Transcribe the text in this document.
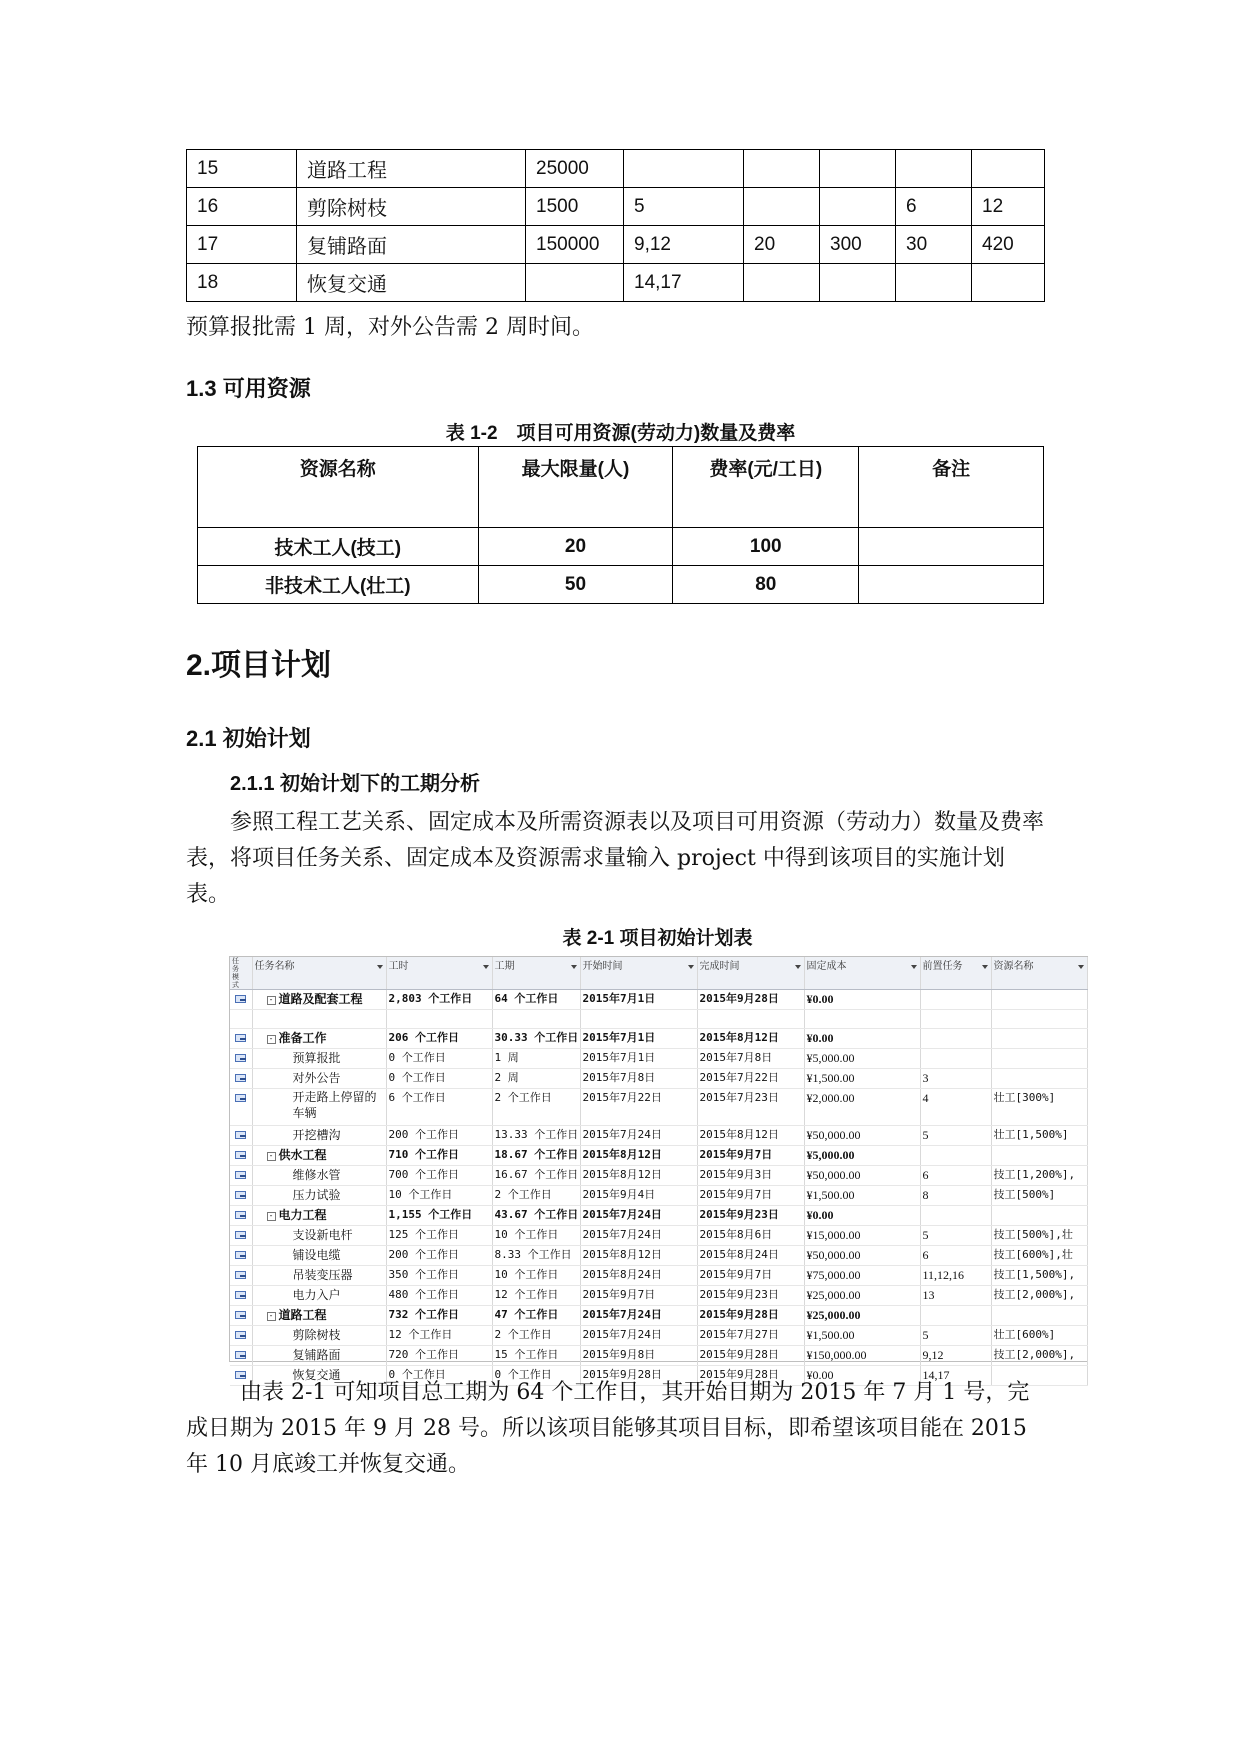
15	道路工程	25000					
16	剪除树枝	1500	5			6	12
17	复铺路面	150000	9,12	20	300	30	420
18	恢复交通		14,17				
预算报批需 1 周，对外公告需 2 周时间。
1.3 可用资源
表 1-2　项目可用资源(劳动力)数量及费率
资源名称	最大限量(人)	费率(元/工日)	备注
技术工人(技工)	20	100	
非技术工人(壮工)	50	80	
2.项目计划
2.1 初始计划
2.1.1 初始计划下的工期分析
参照工程工艺关系、固定成本及所需资源表以及项目可用资源（劳动力）数量及费率表，将项目任务关系、固定成本及资源需求量输入 project 中得到该项目的实施计划表。
表 2-1 项目初始计划表
任务模式	任务名称	工时	工期	开始时间	完成时间	固定成本	前置任务	资源名称

	- 道路及配套工程	2,803 个工作日	64 个工作日	2015年7月1日	2015年9月28日	¥0.00		

	- 准备工作	206 个工作日	30.33 个工作日	2015年7月1日	2015年8月12日	¥0.00		
	预算报批	0 个工作日	1 周	2015年7月1日	2015年7月8日	¥5,000.00		
	对外公告	0 个工作日	2 周	2015年7月8日	2015年7月22日	¥1,500.00	3	
	开走路上停留的车辆	6 个工作日	2 个工作日	2015年7月22日	2015年7月23日	¥2,000.00	4	壮工[300%]
	开挖槽沟	200 个工作日	13.33 个工作日	2015年7月24日	2015年8月12日	¥50,000.00	5	壮工[1,500%]
	- 供水工程	710 个工作日	18.67 个工作日	2015年8月12日	2015年9月7日	¥5,000.00		
	维修水管	700 个工作日	16.67 个工作日	2015年8月12日	2015年9月3日	¥50,000.00	6	技工[1,200%],
	压力试验	10 个工作日	2 个工作日	2015年9月4日	2015年9月7日	¥1,500.00	8	技工[500%]
	- 电力工程	1,155 个工作日	43.67 个工作日	2015年7月24日	2015年9月23日	¥0.00		
	支设新电杆	125 个工作日	10 个工作日	2015年7月24日	2015年8月6日	¥15,000.00	5	技工[500%],壮
	铺设电缆	200 个工作日	8.33 个工作日	2015年8月12日	2015年8月24日	¥50,000.00	6	技工[600%],壮
	吊装变压器	350 个工作日	10 个工作日	2015年8月24日	2015年9月7日	¥75,000.00	11,12,16	技工[1,500%],
	电力入户	480 个工作日	12 个工作日	2015年9月7日	2015年9月23日	¥25,000.00	13	技工[2,000%],
	- 道路工程	732 个工作日	47 个工作日	2015年7月24日	2015年9月28日	¥25,000.00		
	剪除树枝	12 个工作日	2 个工作日	2015年7月24日	2015年7月27日	¥1,500.00	5	壮工[600%]
	复铺路面	720 个工作日	15 个工作日	2015年9月8日	2015年9月28日	¥150,000.00	9,12	技工[2,000%],
	恢复交通	0 个工作日	0 个工作日	2015年9月28日	2015年9月28日	¥0.00	14,17	
由表 2-1 可知项目总工期为 64 个工作日，其开始日期为 2015 年 7 月 1 号，完成日期为 2015 年 9 月 28 号。所以该项目能够其项目目标，即希望该项目能在 2015 年 10 月底竣工并恢复交通。
